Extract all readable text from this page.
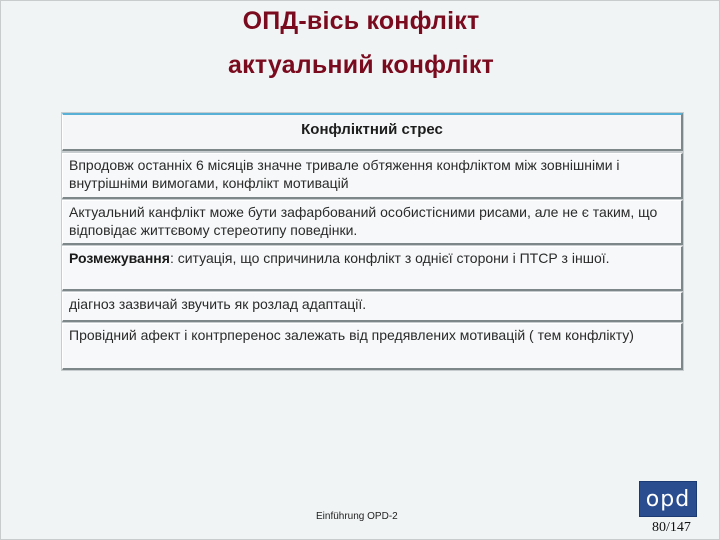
ОПД-вісь конфлікт
актуальний конфлікт
Конфліктний стрес
Впродовж останніх 6 місяців значне тривале обтяження конфліктом між зовнішніми і внутрішніми вимогами, конфлікт мотивацій
Актуальний канфлікт може бути зафарбований особистісними рисами, але не є таким, що відповідає життєвому стереотипу поведінки.
Розмежування: ситуація, що спричинила конфлікт з однієї сторони і ПТСР з іншої.
діагноз зазвичай звучить як розлад адаптації.
Провідний афект і контрперенос залежать від предявлених мотивацій ( тем конфлікту)
Einführung OPD-2
opd
80/147
